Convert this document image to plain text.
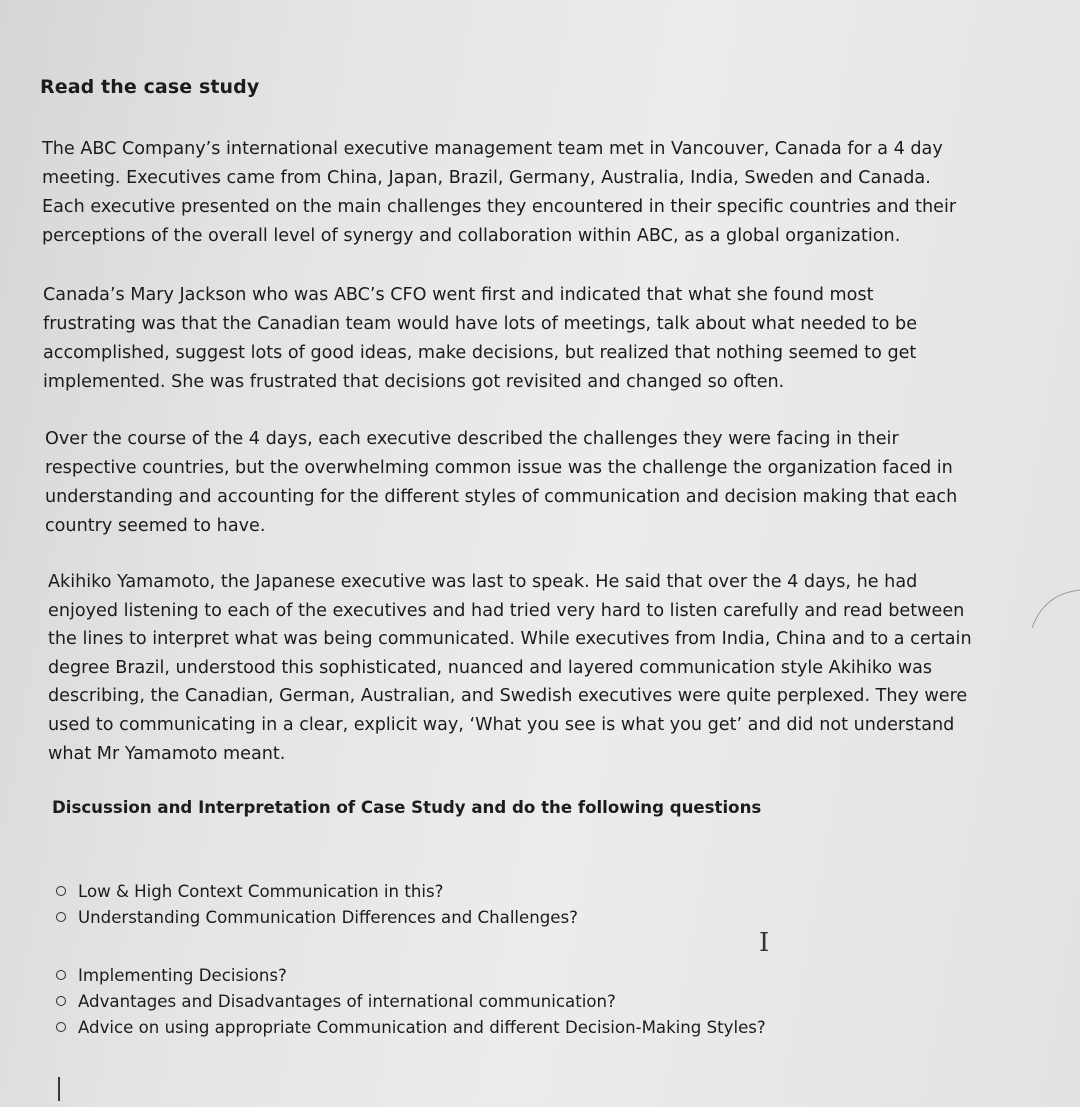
Read the case study
The ABC Company’s international executive management team met in Vancouver, Canada for a 4 day
meeting. Executives came from China, Japan, Brazil, Germany, Australia, India, Sweden and Canada.
Each executive presented on the main challenges they encountered in their specific countries and their
perceptions of the overall level of synergy and collaboration within ABC, as a global organization.
Canada’s Mary Jackson who was ABC’s CFO went first and indicated that what she found most
frustrating was that the Canadian team would have lots of meetings, talk about what needed to be
accomplished, suggest lots of good ideas, make decisions, but realized that nothing seemed to get
implemented. She was frustrated that decisions got revisited and changed so often.
Over the course of the 4 days, each executive described the challenges they were facing in their
respective countries, but the overwhelming common issue was the challenge the organization faced in
understanding and accounting for the different styles of communication and decision making that each
country seemed to have.
Akihiko Yamamoto, the Japanese executive was last to speak. He said that over the 4 days, he had
enjoyed listening to each of the executives and had tried very hard to listen carefully and read between
the lines to interpret what was being communicated. While executives from India, China and to a certain
degree Brazil, understood this sophisticated, nuanced and layered communication style Akihiko was
describing, the Canadian, German, Australian, and Swedish executives were quite perplexed. They were
used to communicating in a clear, explicit way, ‘What you see is what you get’ and did not understand
what Mr Yamamoto meant.
Discussion and Interpretation of Case Study and do the following questions
Low & High Context Communication in this?
Understanding Communication Differences and Challenges?
I
Implementing Decisions?
Advantages and Disadvantages of international communication?
Advice on using appropriate Communication and different Decision-Making Styles?
